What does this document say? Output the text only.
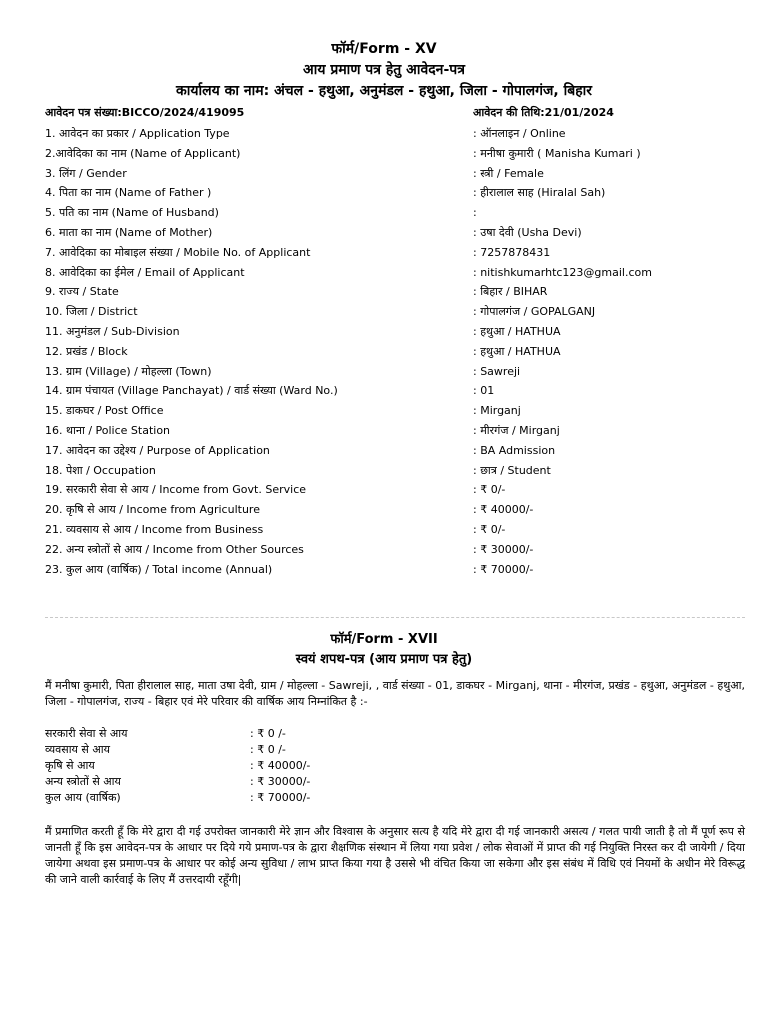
फॉर्म/Form - XV
आय प्रमाण पत्र हेतु आवेदन-पत्र
कार्यालय का नाम: अंचल - हथुआ, अनुमंडल - हथुआ, जिला - गोपालगंज, बिहार
आवेदन पत्र संख्या:BICCO/2024/419095	आवेदन की तिथि:21/01/2024
1. आवेदन का प्रकार / Application Type	: ऑनलाइन / Online
2.आवेदिका का नाम (Name of Applicant)	: मनीषा कुमारी ( Manisha Kumari )
3. लिंग / Gender	: स्त्री / Female
4. पिता का नाम (Name of Father )	: हीरालाल साह (Hiralal Sah)
5. पति का नाम (Name of Husband)	:
6. माता का नाम (Name of Mother)	: उषा देवी (Usha Devi)
7. आवेदिका का मोबाइल संख्या / Mobile No. of Applicant	: 7257878431
8. आवेदिका का ईमेल / Email of Applicant	: nitishkumarhtc123@gmail.com
9. राज्य / State	: बिहार / BIHAR
10. जिला / District	: गोपालगंज / GOPALGANJ
11. अनुमंडल / Sub-Division	: हथुआ / HATHUA
12. प्रखंड / Block	: हथुआ / HATHUA
13. ग्राम (Village) / मोहल्ला (Town)	: Sawreji
14. ग्राम पंचायत (Village Panchayat) / वार्ड संख्या (Ward No.)	: 01
15. डाकघर / Post Office	: Mirganj
16. थाना / Police Station	: मीरगंज / Mirganj
17. आवेदन का उद्देश्य / Purpose of Application	: BA Admission
18. पेशा / Occupation	: छात्र / Student
19. सरकारी सेवा से आय / Income from Govt. Service	: ₹ 0/-
20. कृषि से आय / Income from Agriculture	: ₹ 40000/-
21. व्यवसाय से आय / Income from Business	: ₹ 0/-
22. अन्य स्त्रोतों से आय / Income from Other Sources	: ₹ 30000/-
23. कुल आय (वार्षिक) / Total income (Annual)	: ₹ 70000/-
फॉर्म/Form - XVII
स्वयं शपथ-पत्र (आय प्रमाण पत्र हेतु)
मैं मनीषा कुमारी, पिता हीरालाल साह, माता उषा देवी, ग्राम / मोहल्ला - Sawreji, , वार्ड संख्या - 01, डाकघर - Mirganj, थाना - मीरगंज, प्रखंड - हथुआ, अनुमंडल - हथुआ, जिला - गोपालगंज, राज्य - बिहार एवं मेरे परिवार की वार्षिक आय निम्नांकित है :-
सरकारी सेवा से आय	: ₹ 0 /-
व्यवसाय से आय	: ₹ 0 /-
कृषि से आय	: ₹ 40000/-
अन्य स्त्रोतों से आय	: ₹ 30000/-
कुल आय (वार्षिक)	: ₹ 70000/-
मैं प्रमाणित करती हूँ कि मेरे द्वारा दी गई उपरोक्त जानकारी मेरे ज्ञान और विश्वास के अनुसार सत्य है यदि मेरे द्वारा दी गई जानकारी असत्य / गलत पायी जाती है तो मैं पूर्ण रूप से जानती हूँ कि इस आवेदन-पत्र के आधार पर दिये गये प्रमाण-पत्र के द्वारा शैक्षणिक संस्थान में लिया गया प्रवेश / लोक सेवाओं में प्राप्त की गई नियुक्ति निरस्त कर दी जायेगी / दिया जायेगा अथवा इस प्रमाण-पत्र के आधार पर कोई अन्य सुविधा / लाभ प्राप्त किया गया है उससे भी वंचित किया जा सकेगा और इस संबंध में विधि एवं नियमों के अधीन मेरे विरूद्ध की जाने वाली कार्रवाई के लिए मैं उत्तरदायी रहूँगी|
